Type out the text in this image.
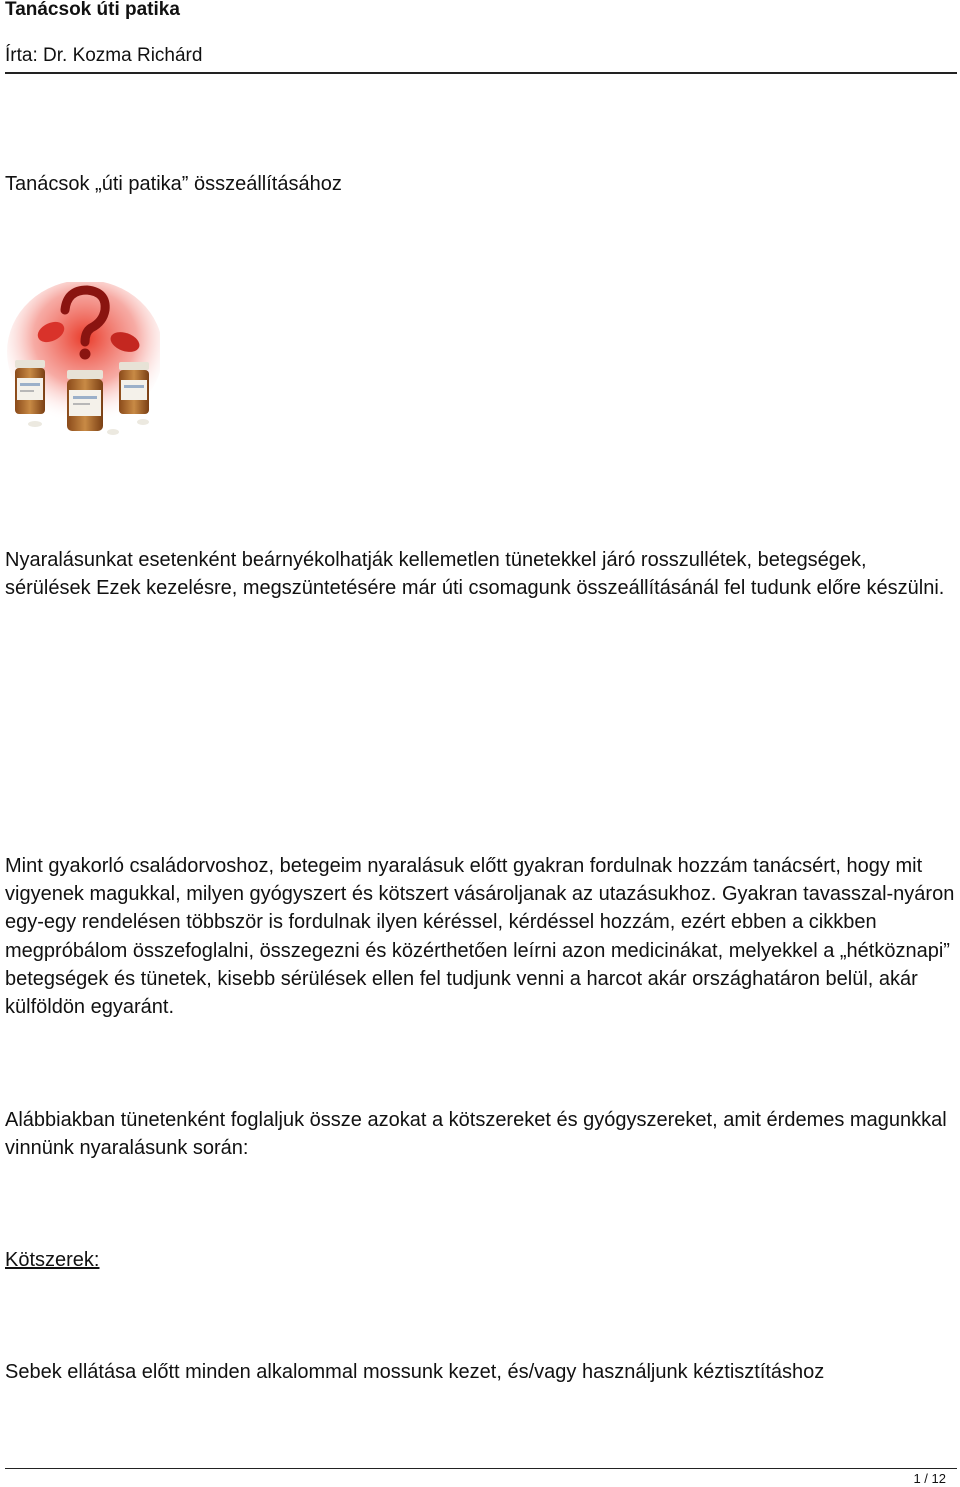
Tanácsok úti patika
Írta: Dr. Kozma Richárd
Tanácsok „úti patika” összeállításához

Nyaralásunkat esetenként beárnyékolhatják kellemetlen tünetekkel járó rosszullétek, betegségek, sérülések Ezek kezelésre, megszüntetésére már úti csomagunk összeállításánál fel tudunk előre készülni.

Mint gyakorló családorvoshoz, betegeim nyaralásuk előtt gyakran fordulnak hozzám tanácsért, hogy mit vigyenek magukkal, milyen gyógyszert és kötszert vásároljanak az utazásukhoz. Gyakran tavasszal-nyáron egy-egy rendelésen többször is fordulnak ilyen kéréssel, kérdéssel hozzám, ezért ebben a cikkben megpróbálom összefoglalni, összegezni és közérthetően leírni azon medicinákat, melyekkel a „hétköznapi” betegségek és tünetek, kisebb sérülések ellen fel tudjunk venni a harcot akár országhatáron belül, akár külföldön egyaránt.

Alábbiakban tünetenként foglaljuk össze azokat a kötszereket és gyógyszereket, amit érdemes magunkkal vinnünk nyaralásunk során:

Kötszerek:

Sebek ellátása előtt minden alkalommal mossunk kezet, és/vagy használjunk kéztisztításhoz

1 / 12
